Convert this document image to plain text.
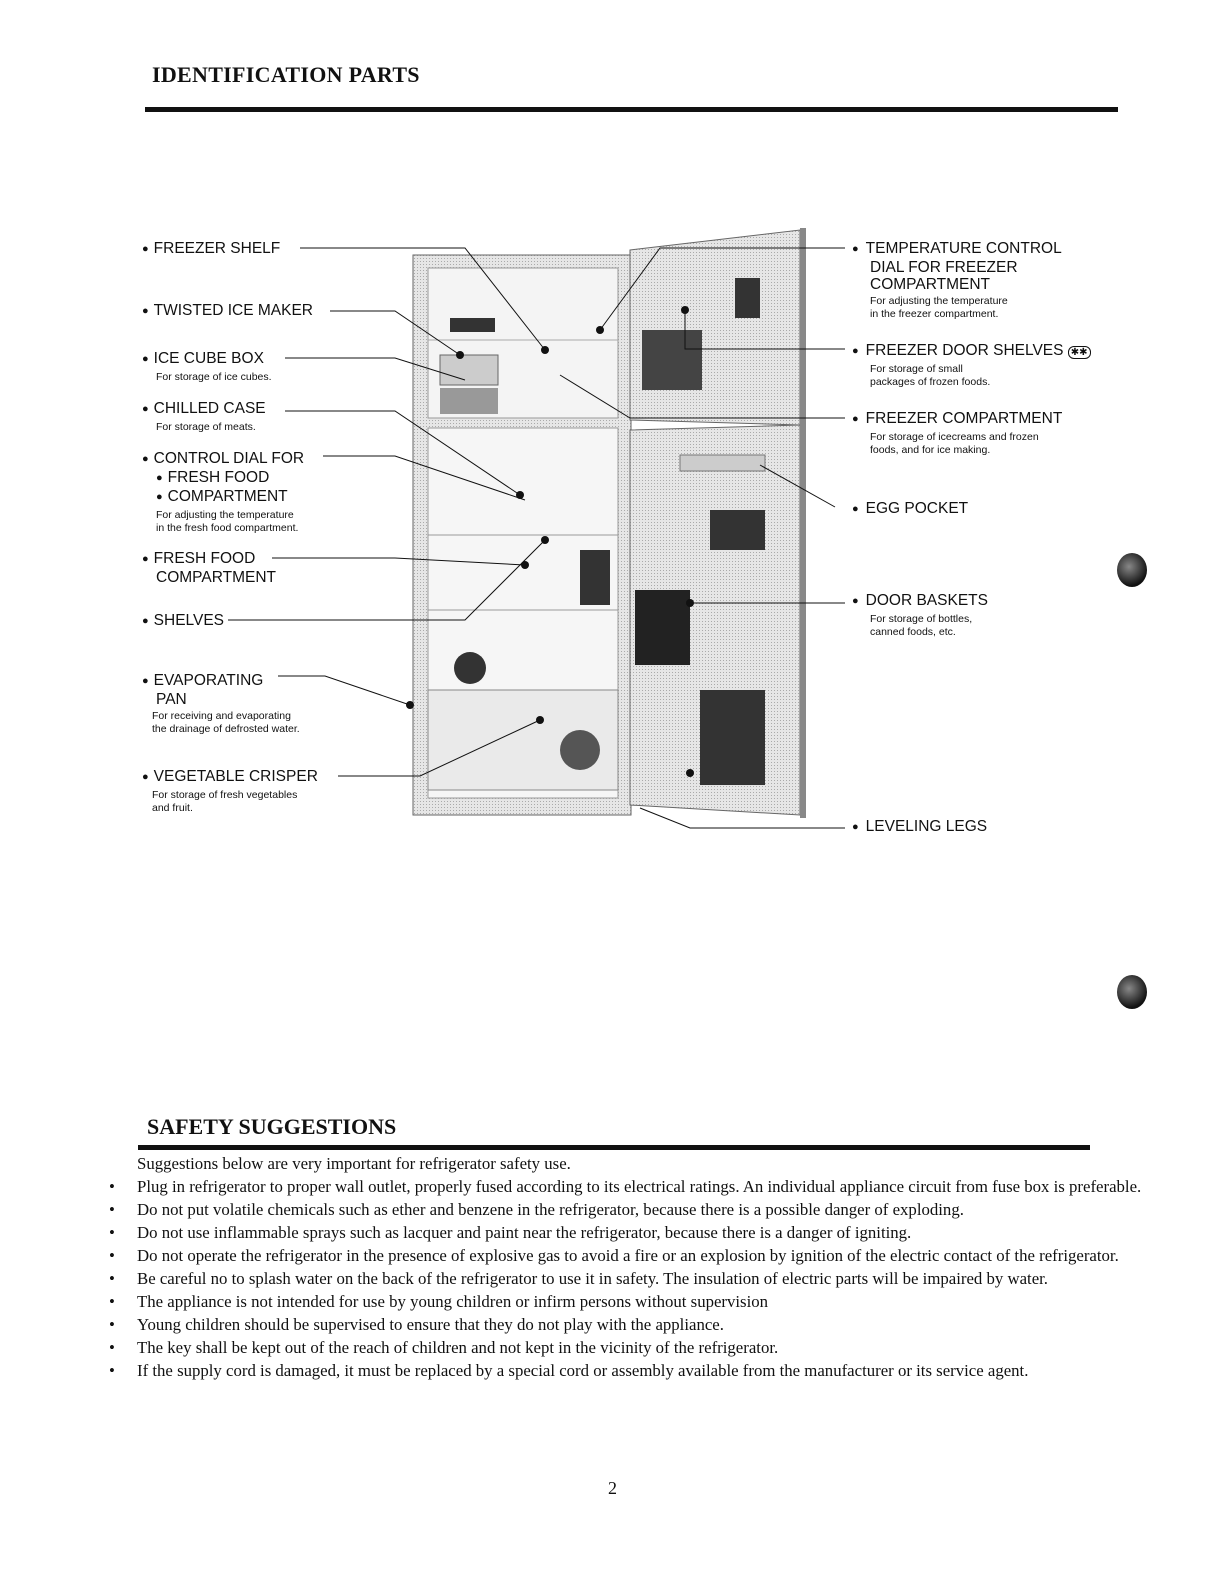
IDENTIFICATION PARTS
● FREEZER SHELF
● TWISTED ICE MAKER
● ICE CUBE BOX
For storage of ice cubes.
● CHILLED CASE
For storage of meats.
● CONTROL DIAL FOR
● FRESH FOOD
● COMPARTMENT
For adjusting the temperature
in the fresh food compartment.
● FRESH FOOD
COMPARTMENT
● SHELVES
● EVAPORATING
PAN
For receiving and evaporating
the drainage of defrosted water.
● VEGETABLE CRISPER
For storage of fresh vegetables
and fruit.
● TEMPERATURE CONTROL
DIAL FOR FREEZER
COMPARTMENT
For adjusting the temperature
in the freezer compartment.
● FREEZER DOOR SHELVES ✱✱
For storage of small
packages of frozen foods.
● FREEZER COMPARTMENT
For storage of icecreams and frozen
foods, and for ice making.
● EGG POCKET
● DOOR BASKETS
For storage of bottles,
canned foods, etc.
● LEVELING LEGS
SAFETY SUGGESTIONS
Suggestions below are very important for refrigerator safety use.
• Plug in refrigerator to proper wall outlet, properly fused according to its electrical ratings. An individual appliance circuit from fuse box is preferable.
• Do not put volatile chemicals such as ether and benzene in the refrigerator, because there is a possible danger of exploding.
• Do not use inflammable sprays such as lacquer and paint near the refrigerator, because there is a danger of igniting.
• Do not operate the refrigerator in the presence of explosive gas to avoid a fire or an explosion by ignition of the electric contact of the refrigerator.
• Be careful no to splash water on the back of the refrigerator to use it in safety. The insulation of electric parts will be impaired by water.
• The appliance is not intended for use by young children or infirm persons without supervision
• Young children should be supervised to ensure that they do not play with the appliance.
• The key shall be kept out of the reach of children and not kept in the vicinity of the refrigerator.
• If the supply cord is damaged, it must be replaced by a special cord or assembly available from the manufacturer or its service agent.
2
